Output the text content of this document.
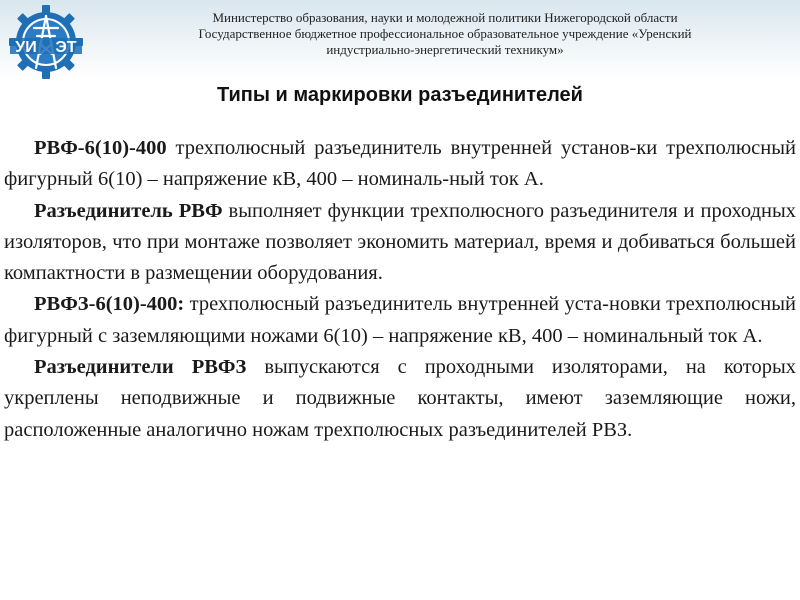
УИ ЭТ
Министерство образования, науки и молодежной политики Нижегородской области
Государственное бюджетное профессиональное образовательное учреждение «Уренский
индустриально-энергетический техникум»
Типы и маркировки разъединителей

РВФ-6(10)-400 трехполюсный разъединитель внутренней установ-ки трехполюсный фигурный 6(10) – напряжение кВ, 400 – номиналь-ный ток А.

Разъединитель РВФ выполняет функции трехполюсного разъединителя и проходных изоляторов, что при монтаже позволяет экономить материал, время и добиваться большей компактности в размещении оборудования.

РВФЗ-6(10)-400: трехполюсный разъединитель внутренней уста-новки трехполюсный фигурный с заземляющими ножами 6(10) – напряжение кВ, 400 – номинальный ток А.

Разъединители РВФЗ выпускаются с проходными изоляторами, на которых укреплены неподвижные и подвижные контакты, имеют заземляющие ножи, расположенные аналогично ножам трехполюсных разъединителей РВЗ.
